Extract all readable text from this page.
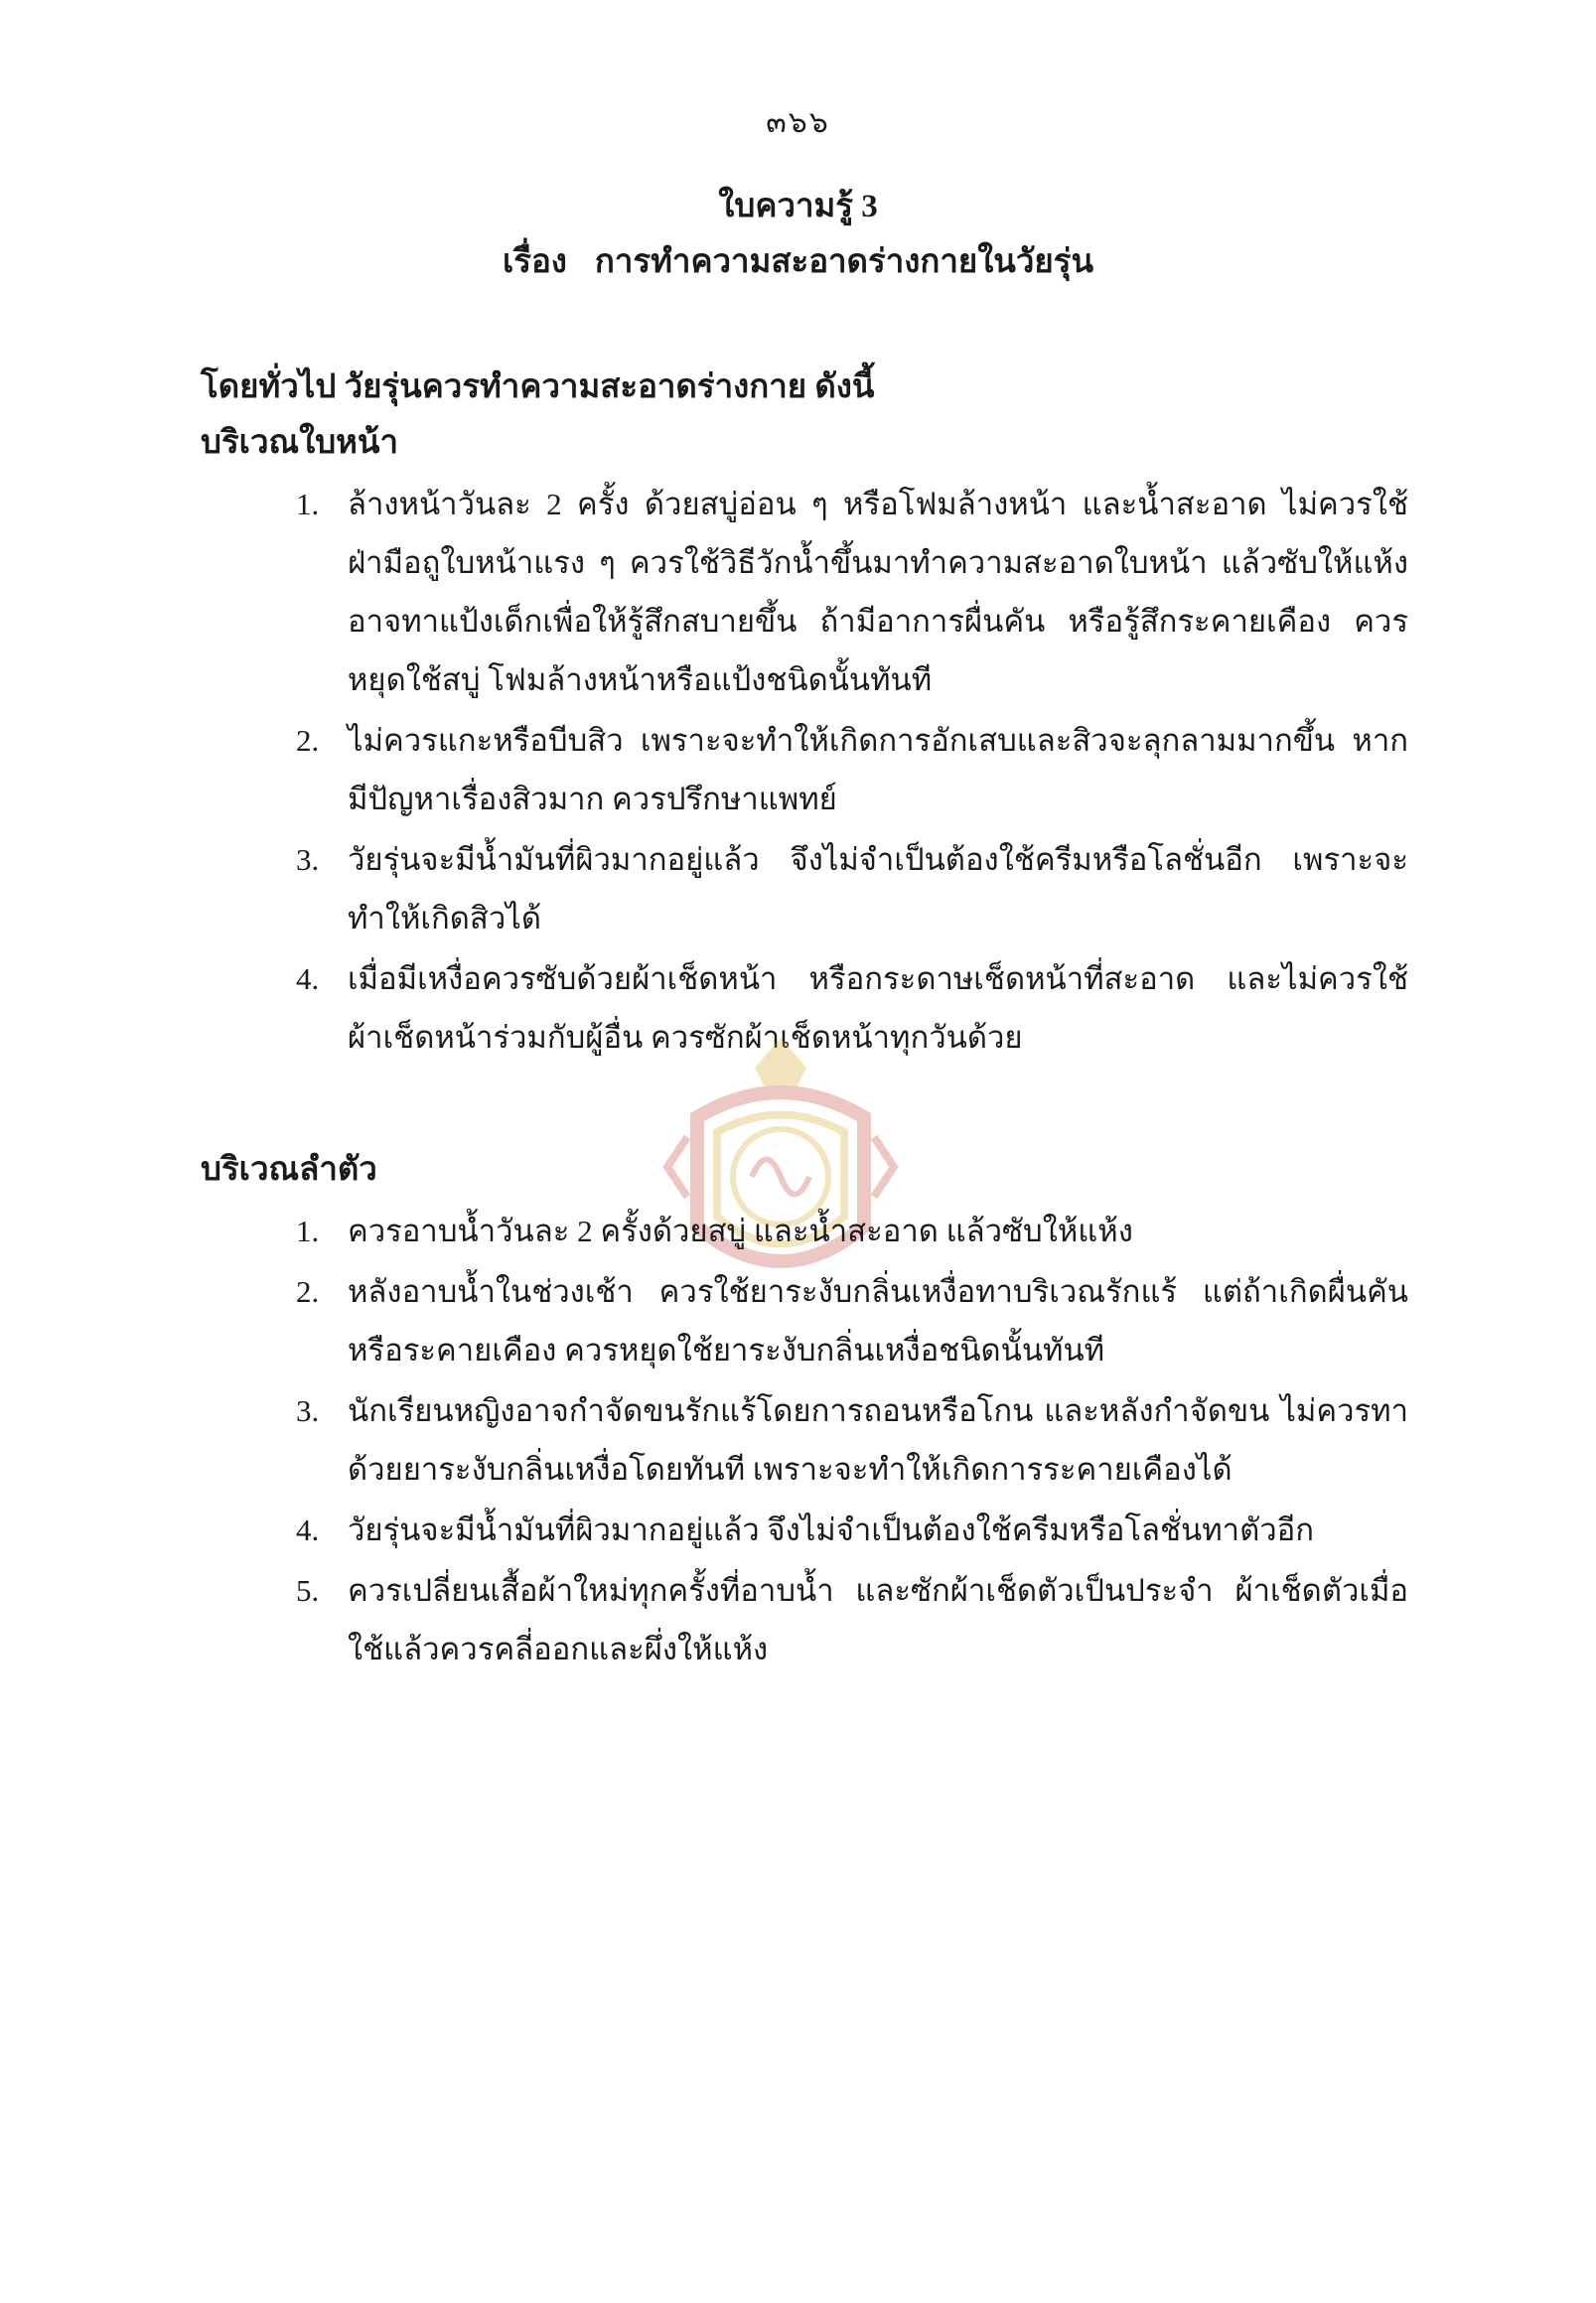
๓๖๖
ใบความรู้ 3
เรื่อง การทำความสะอาดร่างกายในวัยรุ่น
โดยทั่วไป วัยรุ่นควรทำความสะอาดร่างกาย ดังนี้
บริเวณใบหน้า
1. ล้างหน้าวันละ 2 ครั้ง ด้วยสบู่อ่อน ๆ หรือโฟมล้างหน้า และน้ำสะอาด ไม่ควรใช้ฝ่ามือถูใบหน้าแรง ๆ ควรใช้วิธีวักน้ำขึ้นมาทำความสะอาดใบหน้า แล้วซับให้แห้ง อาจทาแป้งเด็กเพื่อให้รู้สึกสบายขึ้น ถ้ามีอาการผื่นคัน หรือรู้สึกระคายเคือง ควรหยุดใช้สบู่ โฟมล้างหน้าหรือแป้งชนิดนั้นทันที
2. ไม่ควรแกะหรือบีบสิว เพราะจะทำให้เกิดการอักเสบและสิวจะลุกลามมากขึ้น หากมีปัญหาเรื่องสิวมาก ควรปรึกษาแพทย์
3. วัยรุ่นจะมีน้ำมันที่ผิวมากอยู่แล้ว จึงไม่จำเป็นต้องใช้ครีมหรือโลชั่นอีก เพราะจะทำให้เกิดสิวได้
4. เมื่อมีเหงื่อควรซับด้วยผ้าเช็ดหน้า หรือกระดาษเช็ดหน้าที่สะอาด และไม่ควรใช้ผ้าเช็ดหน้าร่วมกับผู้อื่น ควรซักผ้าเช็ดหน้าทุกวันด้วย
บริเวณลำตัว
1. ควรอาบน้ำวันละ 2 ครั้งด้วยสบู่ และน้ำสะอาด แล้วซับให้แห้ง
2. หลังอาบน้ำในช่วงเช้า ควรใช้ยาระงับกลิ่นเหงื่อทาบริเวณรักแร้ แต่ถ้าเกิดผื่นคันหรือระคายเคือง ควรหยุดใช้ยาระงับกลิ่นเหงื่อชนิดนั้นทันที
3. นักเรียนหญิงอาจกำจัดขนรักแร้โดยการถอนหรือโกน และหลังกำจัดขน ไม่ควรทาด้วยยาระงับกลิ่นเหงื่อโดยทันที เพราะจะทำให้เกิดการระคายเคืองได้
4. วัยรุ่นจะมีน้ำมันที่ผิวมากอยู่แล้ว จึงไม่จำเป็นต้องใช้ครีมหรือโลชั่นทาตัวอีก
5. ควรเปลี่ยนเสื้อผ้าใหม่ทุกครั้งที่อาบน้ำ และซักผ้าเช็ดตัวเป็นประจำ ผ้าเช็ดตัวเมื่อใช้แล้วควรคลี่ออกและผึ่งให้แห้ง
